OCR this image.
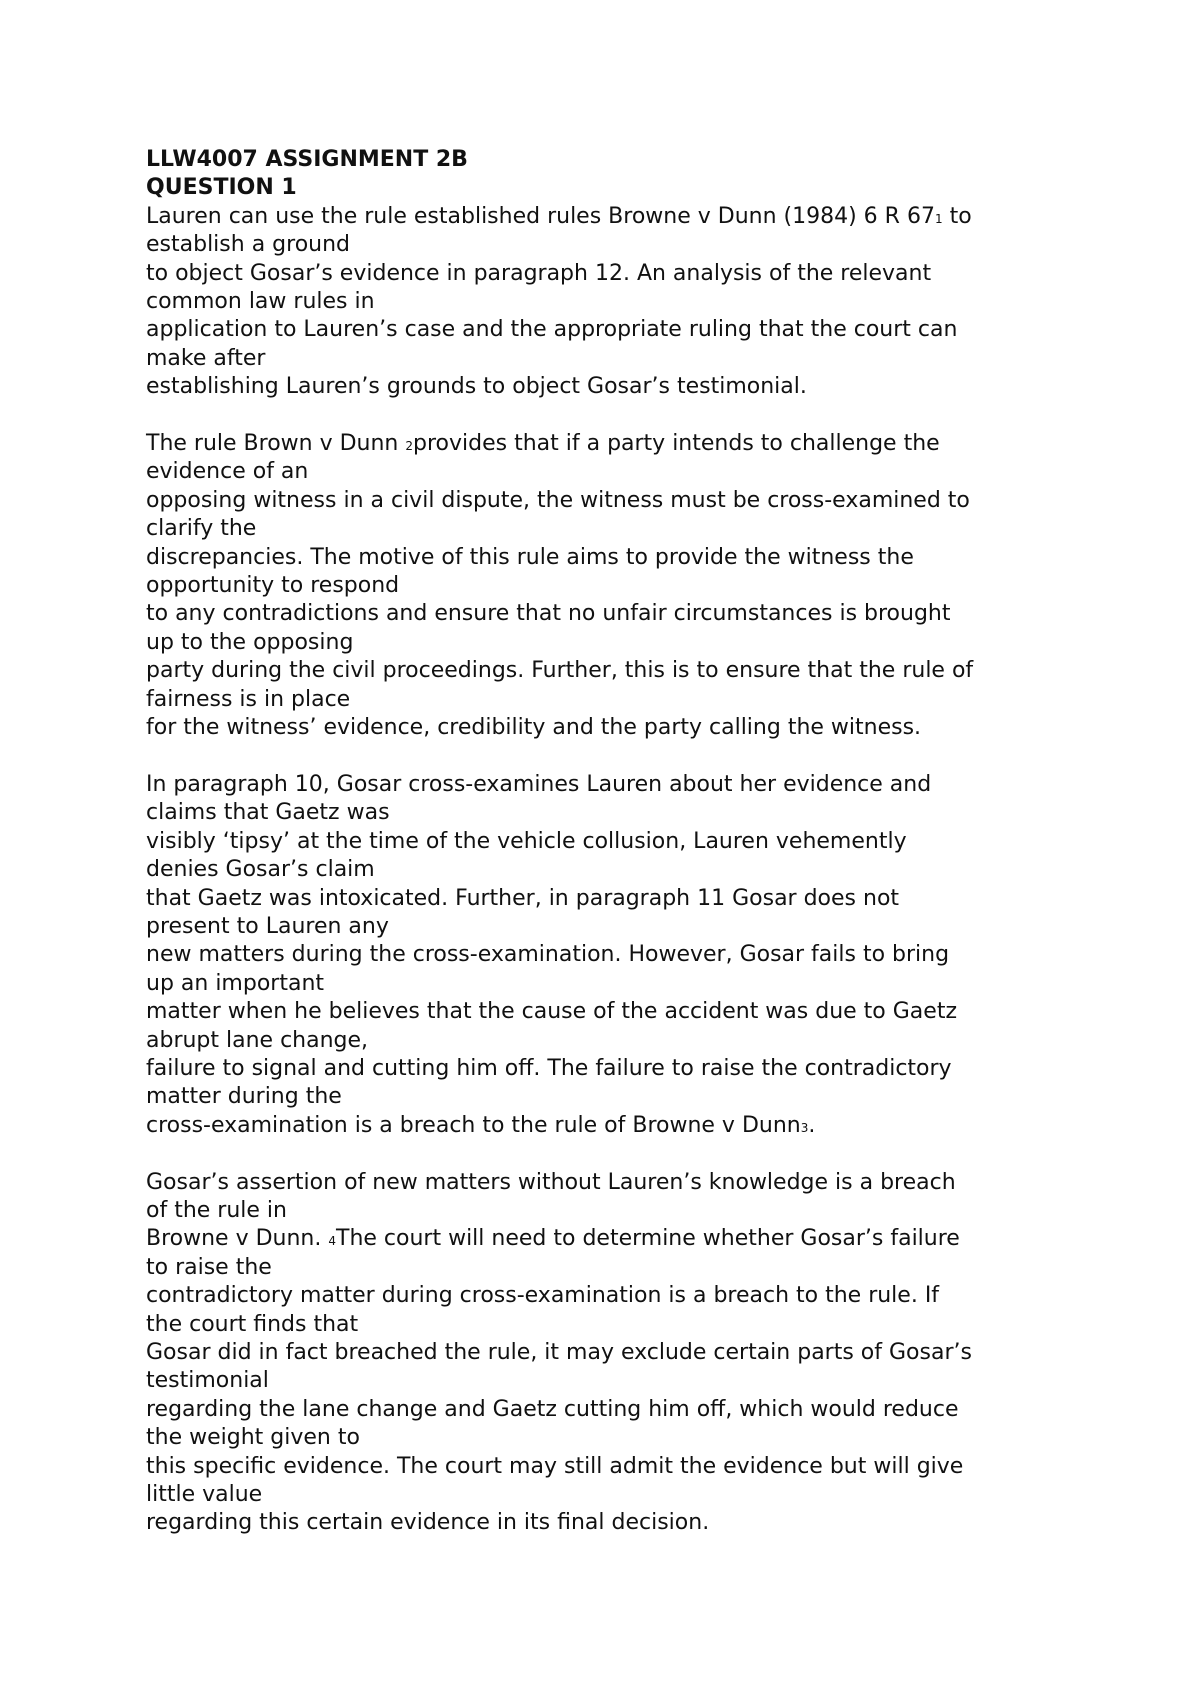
LLW4007 ASSIGNMENT 2B
QUESTION 1
Lauren can use the rule established rules Browne v Dunn (1984) 6 R 671 to
establish a ground
to object Gosar’s evidence in paragraph 12. An analysis of the relevant
common law rules in
application to Lauren’s case and the appropriate ruling that the court can
make after
establishing Lauren’s grounds to object Gosar’s testimonial.
The rule Brown v Dunn 2provides that if a party intends to challenge the
evidence of an
opposing witness in a civil dispute, the witness must be cross-examined to
clarify the
discrepancies. The motive of this rule aims to provide the witness the
opportunity to respond
to any contradictions and ensure that no unfair circumstances is brought
up to the opposing
party during the civil proceedings. Further, this is to ensure that the rule of
fairness is in place
for the witness’ evidence, credibility and the party calling the witness.
In paragraph 10, Gosar cross-examines Lauren about her evidence and
claims that Gaetz was
visibly ‘tipsy’ at the time of the vehicle collusion, Lauren vehemently
denies Gosar’s claim
that Gaetz was intoxicated. Further, in paragraph 11 Gosar does not
present to Lauren any
new matters during the cross-examination. However, Gosar fails to bring
up an important
matter when he believes that the cause of the accident was due to Gaetz
abrupt lane change,
failure to signal and cutting him off. The failure to raise the contradictory
matter during the
cross-examination is a breach to the rule of Browne v Dunn3.
Gosar’s assertion of new matters without Lauren’s knowledge is a breach
of the rule in
Browne v Dunn. 4The court will need to determine whether Gosar’s failure
to raise the
contradictory matter during cross-examination is a breach to the rule. If
the court finds that
Gosar did in fact breached the rule, it may exclude certain parts of Gosar’s
testimonial
regarding the lane change and Gaetz cutting him off, which would reduce
the weight given to
this specific evidence. The court may still admit the evidence but will give
little value
regarding this certain evidence in its final decision.
